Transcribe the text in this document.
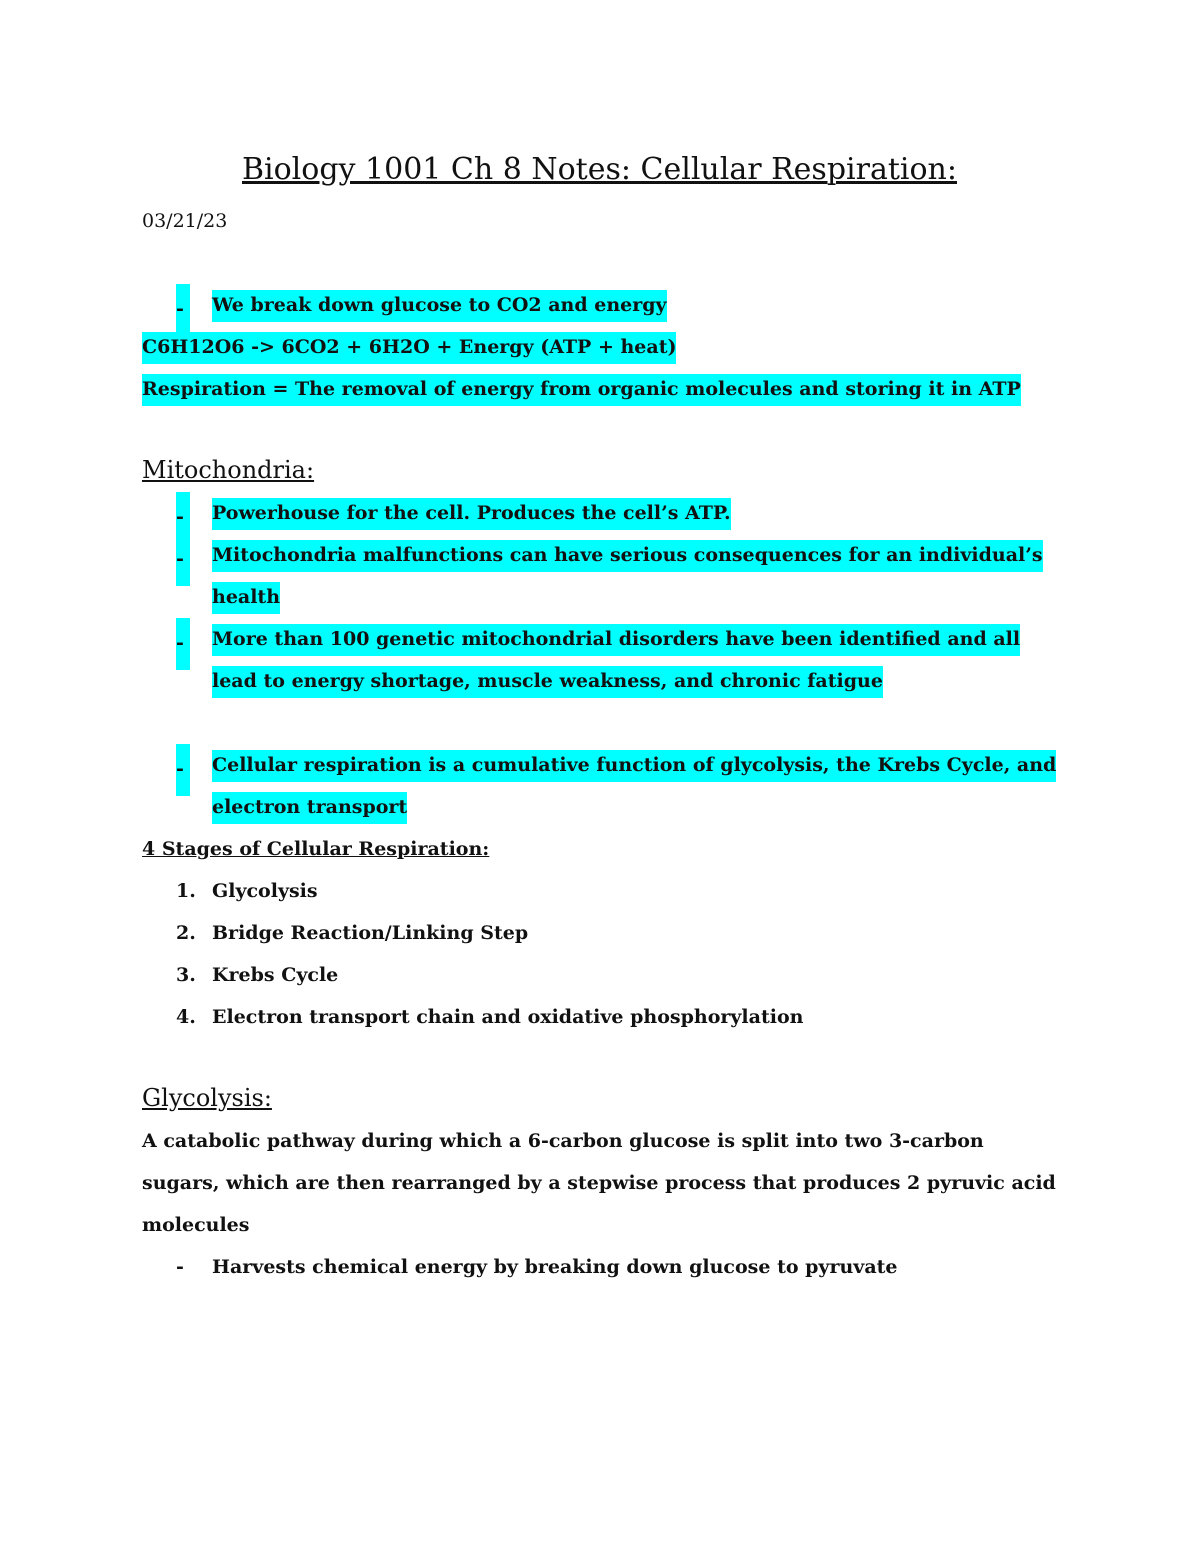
Biology 1001 Ch 8 Notes: Cellular Respiration:
03/21/23
-	We break down glucose to CO2 and energy

C6H12O6 -> 6CO2 + 6H2O + Energy (ATP + heat)

Respiration = The removal of energy from organic molecules and storing it in ATP

Mitochondria:
-	Powerhouse for the cell. Produces the cell’s ATP.
-	Mitochondria malfunctions can have serious consequences for an individual’s health
-	More than 100 genetic mitochondrial disorders have been identified and all lead to energy shortage, muscle weakness, and chronic fatigue
-	Cellular respiration is a cumulative function of glycolysis, the Krebs Cycle, and electron transport
4 Stages of Cellular Respiration:
1. Glycolysis
2. Bridge Reaction/Linking Step
3. Krebs Cycle
4. Electron transport chain and oxidative phosphorylation
Glycolysis:

A catabolic pathway during which a 6-carbon glucose is split into two 3-carbon sugars, which are then rearranged by a stepwise process that produces 2 pyruvic acid molecules

- Harvests chemical energy by breaking down glucose to pyruvate
